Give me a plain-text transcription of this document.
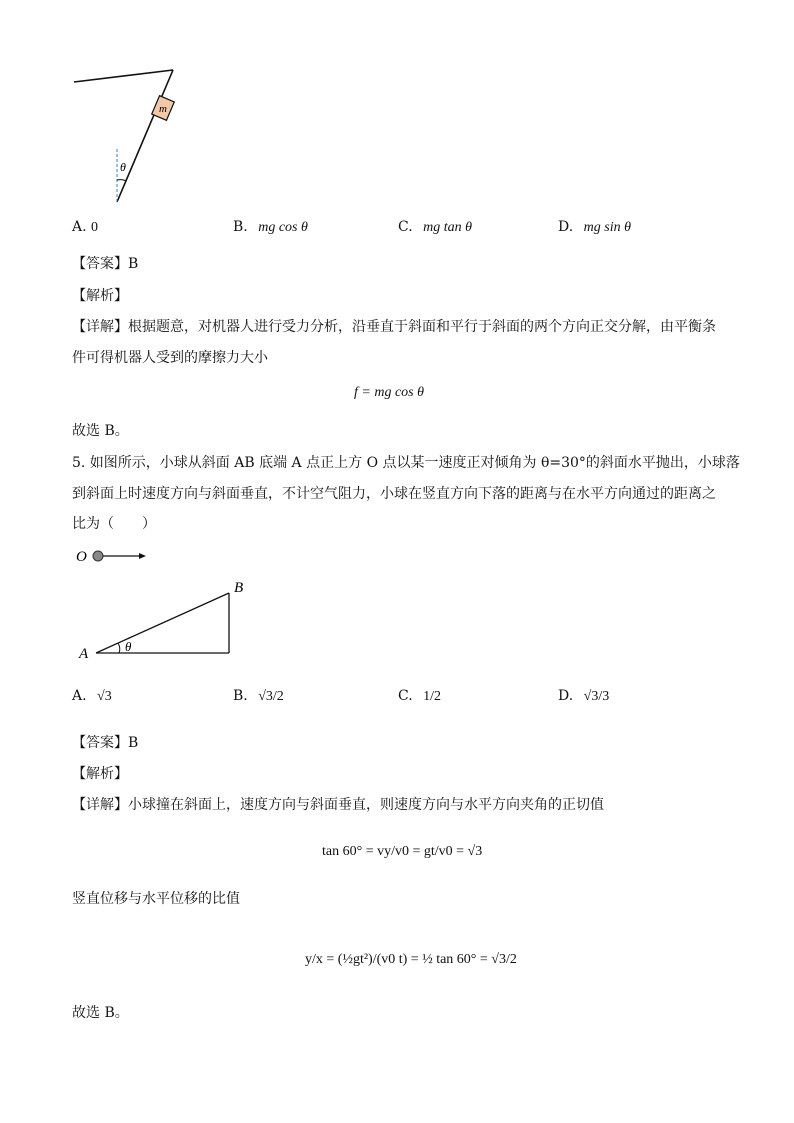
m
θ
A. 0	B. mg cos θ	C. mg tan θ	D. mg sin θ
【答案】B
【解析】
【详解】根据题意，对机器人进行受力分析，沿垂直于斜面和平行于斜面的两个方向正交分解，由平衡条
件可得机器人受到的摩擦力大小
f = mg cos θ
故选 B。
5. 如图所示，小球从斜面 AB 底端 A 点正上方 O 点以某一速度正对倾角为 θ=30°的斜面水平抛出，小球落
到斜面上时速度方向与斜面垂直，不计空气阻力，小球在竖直方向下落的距离与在水平方向通过的距离之
比为（　　）
O
A
B
θ
A. √3	B. √3/2	C. 1/2	D. √3/3
【答案】B
【解析】
【详解】小球撞在斜面上，速度方向与斜面垂直，则速度方向与水平方向夹角的正切值
tan 60° = vy/v0 = gt/v0 = √3
竖直位移与水平位移的比值
y/x = (½gt²)/(v0 t) = ½ tan 60° = √3/2
故选 B。
